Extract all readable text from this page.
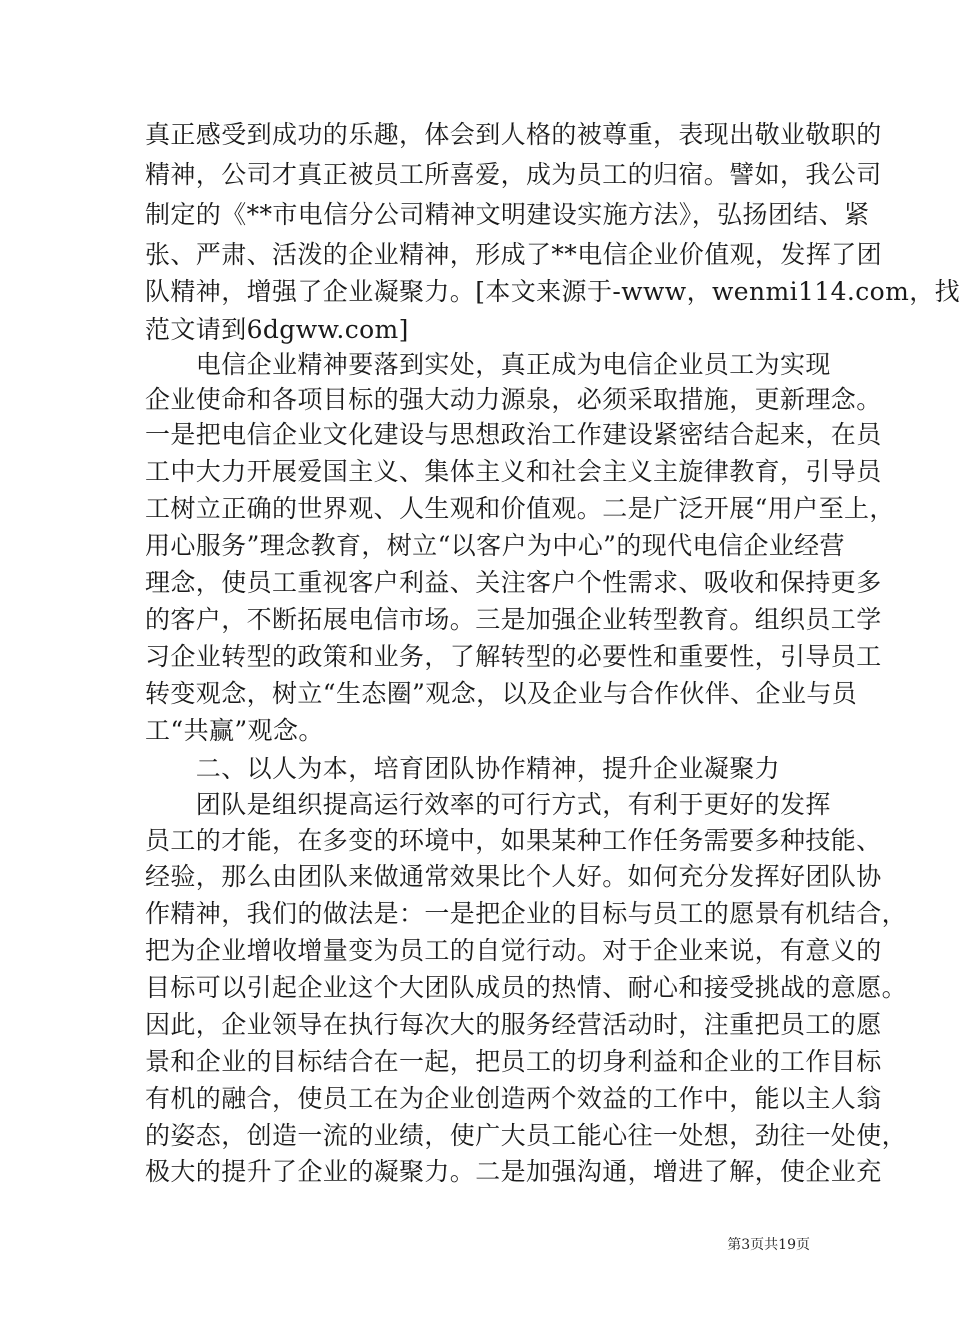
真正感受到成功的乐趣，体会到人格的被尊重，表现出敬业敬职的
精神，公司才真正被员工所喜爱，成为员工的归宿。譬如，我公司
制定的《**市电信分公司精神文明建设实施方法》，弘扬团结、紧
张、严肃、活泼的企业精神，形成了**电信企业价值观，发挥了团
队精神，增强了企业凝聚力。[本文来源于-www，wenmi114.com，找
范文请到6dgww.com]
　　电信企业精神要落到实处，真正成为电信企业员工为实现
企业使命和各项目标的强大动力源泉，必须采取措施，更新理念。
一是把电信企业文化建设与思想政治工作建设紧密结合起来，在员
工中大力开展爱国主义、集体主义和社会主义主旋律教育，引导员
工树立正确的世界观、人生观和价值观。二是广泛开展“用户至上，
用心服务”理念教育，树立“以客户为中心”的现代电信企业经营
理念，使员工重视客户利益、关注客户个性需求、吸收和保持更多
的客户，不断拓展电信市场。三是加强企业转型教育。组织员工学
习企业转型的政策和业务，了解转型的必要性和重要性，引导员工
转变观念，树立“生态圈”观念，以及企业与合作伙伴、企业与员
工“共赢”观念。
　　二、以人为本，培育团队协作精神，提升企业凝聚力
　　团队是组织提高运行效率的可行方式，有利于更好的发挥
员工的才能，在多变的环境中，如果某种工作任务需要多种技能、
经验，那么由团队来做通常效果比个人好。如何充分发挥好团队协
作精神，我们的做法是：一是把企业的目标与员工的愿景有机结合，
把为企业增收增量变为员工的自觉行动。对于企业来说，有意义的
目标可以引起企业这个大团队成员的热情、耐心和接受挑战的意愿。
因此，企业领导在执行每次大的服务经营活动时，注重把员工的愿
景和企业的目标结合在一起，把员工的切身利益和企业的工作目标
有机的融合，使员工在为企业创造两个效益的工作中，能以主人翁
的姿态，创造一流的业绩，使广大员工能心往一处想，劲往一处使，
极大的提升了企业的凝聚力。二是加强沟通，增进了解，使企业充
第3页共19页
